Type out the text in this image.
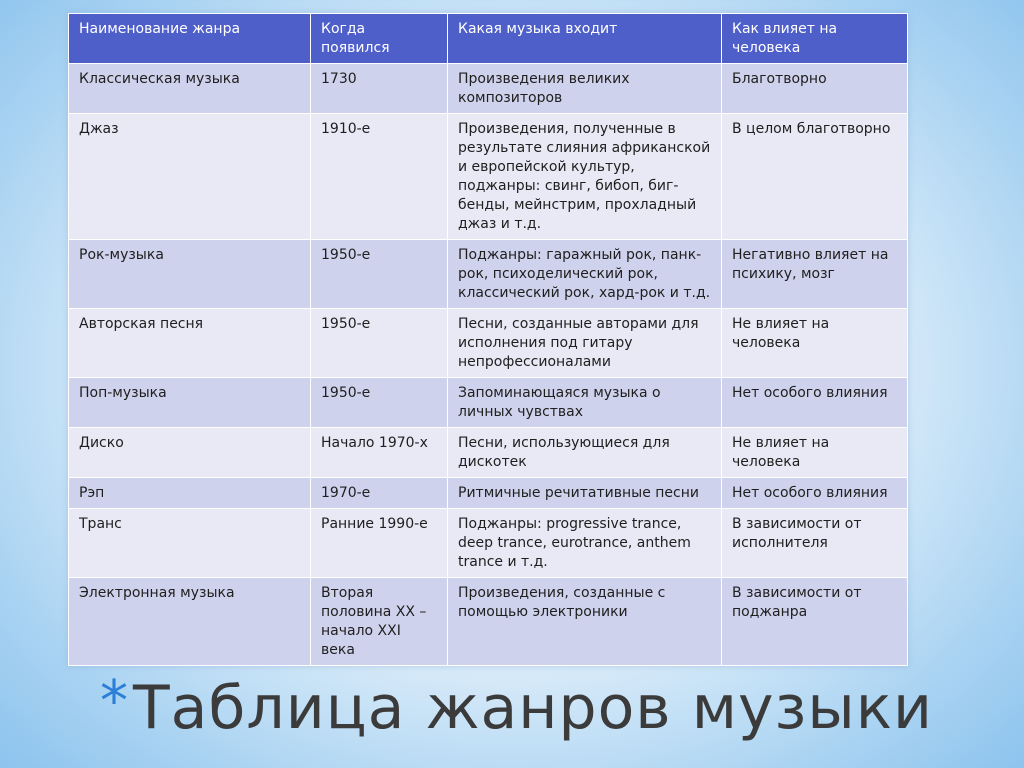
Наименование жанра	Когда появился	Какая музыка входит	Как влияет на человека
Классическая музыка	1730	Произведения великих композиторов	Благотворно
Джаз	1910-е	Произведения, полученные в результате слияния африканской и европейской культур, поджанры: свинг, бибоп, биг-бенды, мейнстрим, прохладный джаз и т.д.	В целом благотворно
Рок-музыка	1950-е	Поджанры: гаражный рок, панк-рок, психоделический рок, классический рок, хард-рок и т.д.	Негативно влияет на психику, мозг
Авторская песня	1950-е	Песни, созданные авторами для исполнения под гитару непрофессионалами	Не влияет на человека
Поп-музыка	1950-е	Запоминающаяся музыка о личных чувствах	Нет особого влияния
Диско	Начало 1970-х	Песни, использующиеся для дискотек	Не влияет на человека
Рэп	1970-е	Ритмичные речитативные песни	Нет особого влияния
Транс	Ранние 1990-е	Поджанры: progressive trance, deep trance, eurotrance, anthem trance и т.д.	В зависимости от исполнителя
Электронная музыка	Вторая половина XX – начало XXI века	Произведения, созданные с помощью электроники	В зависимости от поджанра
*Таблица жанров музыки
